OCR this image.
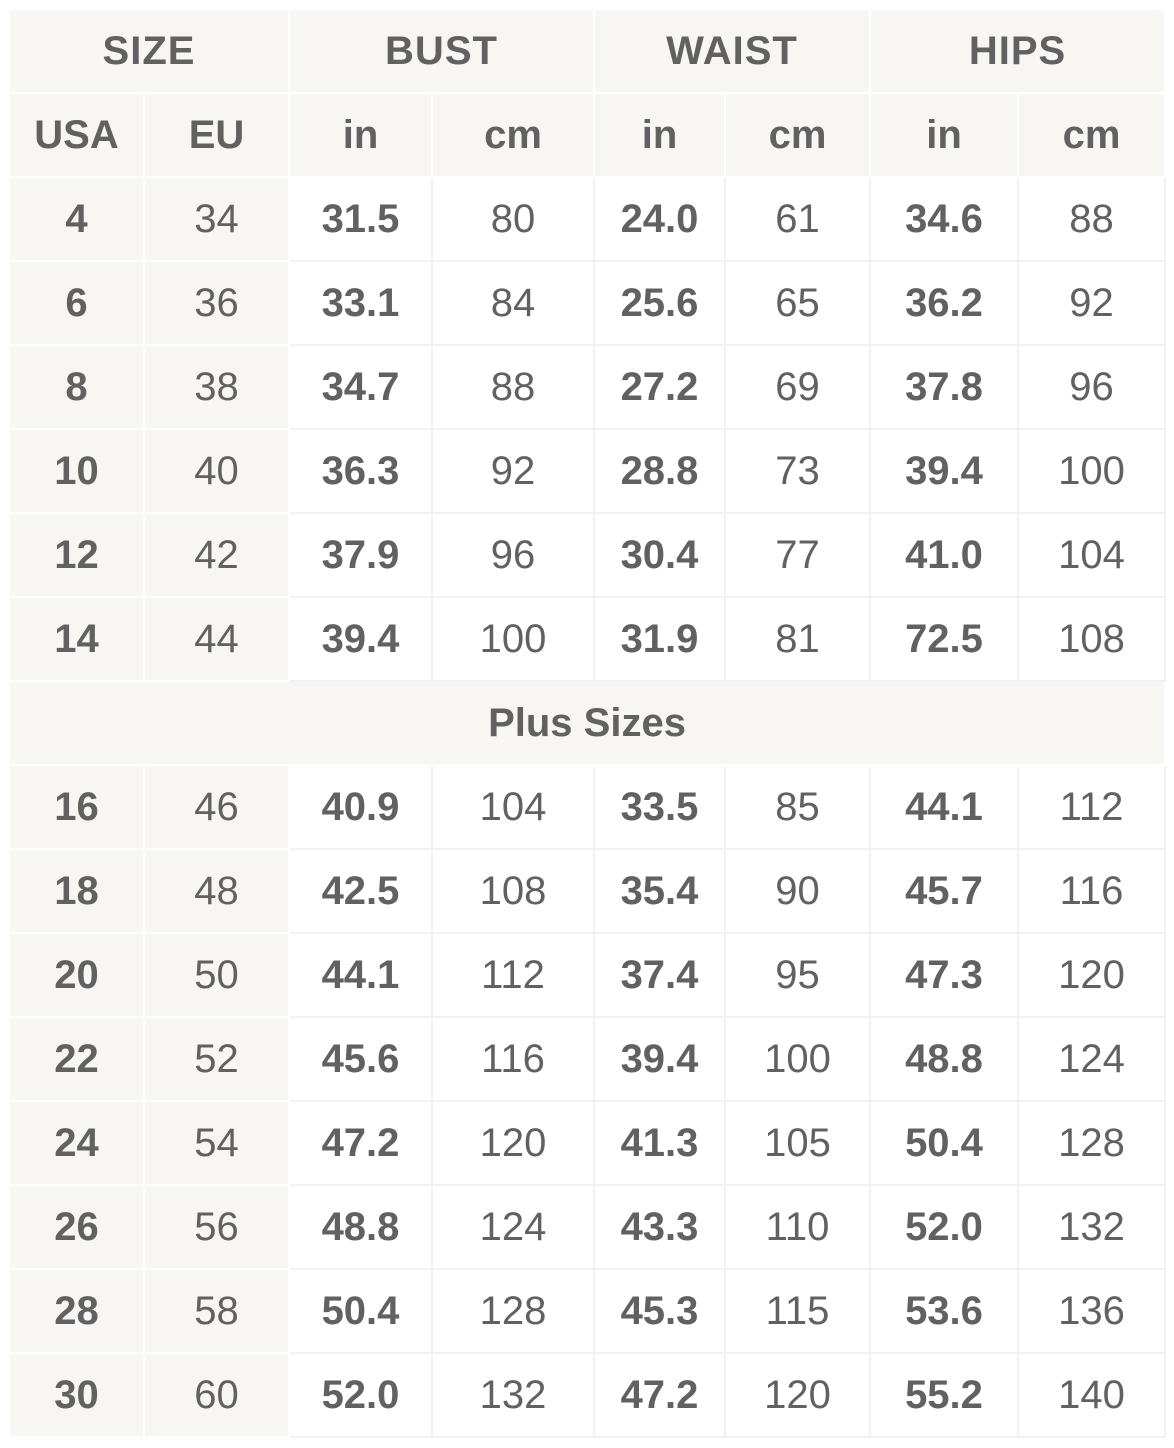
SIZE	BUST	WAIST	HIPS
USA	EU	in	cm	in	cm	in	cm
4	34	31.5	80	24.0	61	34.6	88
6	36	33.1	84	25.6	65	36.2	92
8	38	34.7	88	27.2	69	37.8	96
10	40	36.3	92	28.8	73	39.4	100
12	42	37.9	96	30.4	77	41.0	104
14	44	39.4	100	31.9	81	72.5	108
Plus Sizes
16	46	40.9	104	33.5	85	44.1	112
18	48	42.5	108	35.4	90	45.7	116
20	50	44.1	112	37.4	95	47.3	120
22	52	45.6	116	39.4	100	48.8	124
24	54	47.2	120	41.3	105	50.4	128
26	56	48.8	124	43.3	110	52.0	132
28	58	50.4	128	45.3	115	53.6	136
30	60	52.0	132	47.2	120	55.2	140
